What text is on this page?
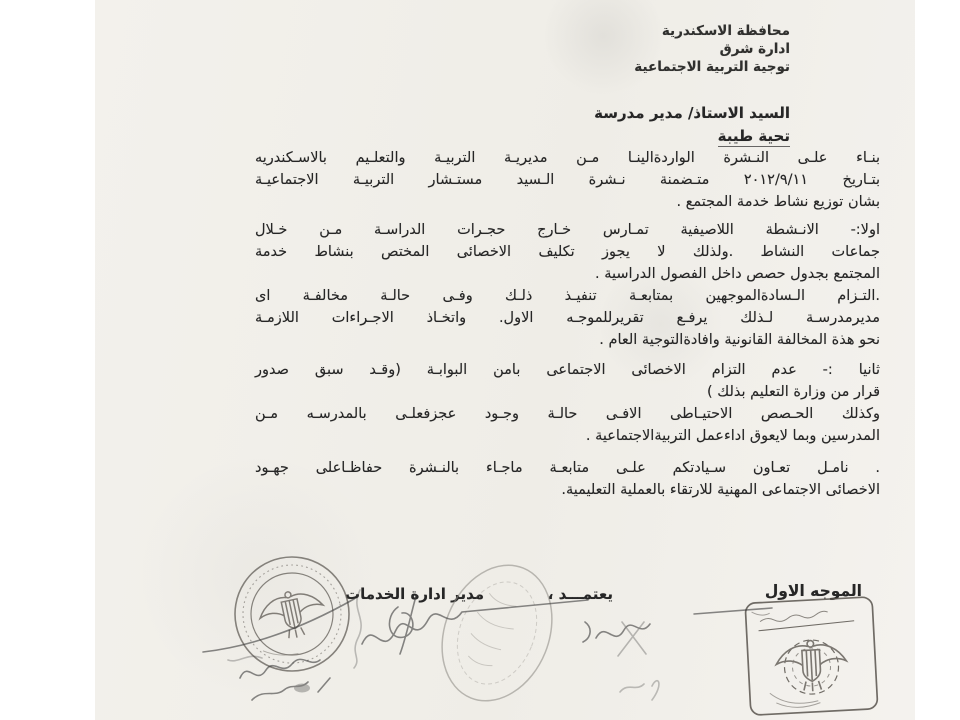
محافظة الاسكندرية
ادارة شرق
توجية التربية الاجتماعية
السيد الاستاذ/ مدير مدرسة
تحية طيبة
بنـاء علـى النـشرة الواردةالينـا مـن مديريـة التربيـة والتعلـيم بالاسـكندريه
بتـاريخ ٢٠١٢/٩/١١ متـضمنة نـشرة الـسيد مستـشار التربيـة الاجتماعيـة
بشان توزيع نشاط خدمة المجتمع .
اولا:- الانـشطة اللاصيفية تمـارس خـارج حجـرات الدراسـة مـن خـلال
جماعات النشاط .ولذلك لا يجوز تكليف الاخصائى المختص بنشاط خدمة
المجتمع بجدول حصص داخل الفصول الدراسية .
.التـزام الـسادةالموجهين بمتابعـة تنفيـذ ذلـك وفـى حالـة مخالفـة اى
مديرمدرسـة لـذلك يرفـع تقريرللموجـه الاول. واتخـاذ الاجـراءات اللازمـة
نحو هذة المخالفة القانونية وافادةالتوجية العام .
ثانيا :- عدم التزام الاخصائى الاجتماعى بامن البوابـة (وقـد سبق صدور
قرار من وزارة التعليم بذلك )
وكذلك الحـصص الاحتيـاطى الافـى حالـة وجـود عجزفعلـى بالمدرسـه مـن
المدرسين وبما لايعوق اداءعمل التربيةالاجتماعية .
. نامـل تعـاون سـيادتكم علـى متابعـة ماجـاء بالنـشرة حفاظـاعلى جهـود
الاخصائى الاجتماعى المهنية للارتقاء بالعملية التعليمية.
الموجه الاول
يعتمـــد ،
مدير ادارة الخدمات
